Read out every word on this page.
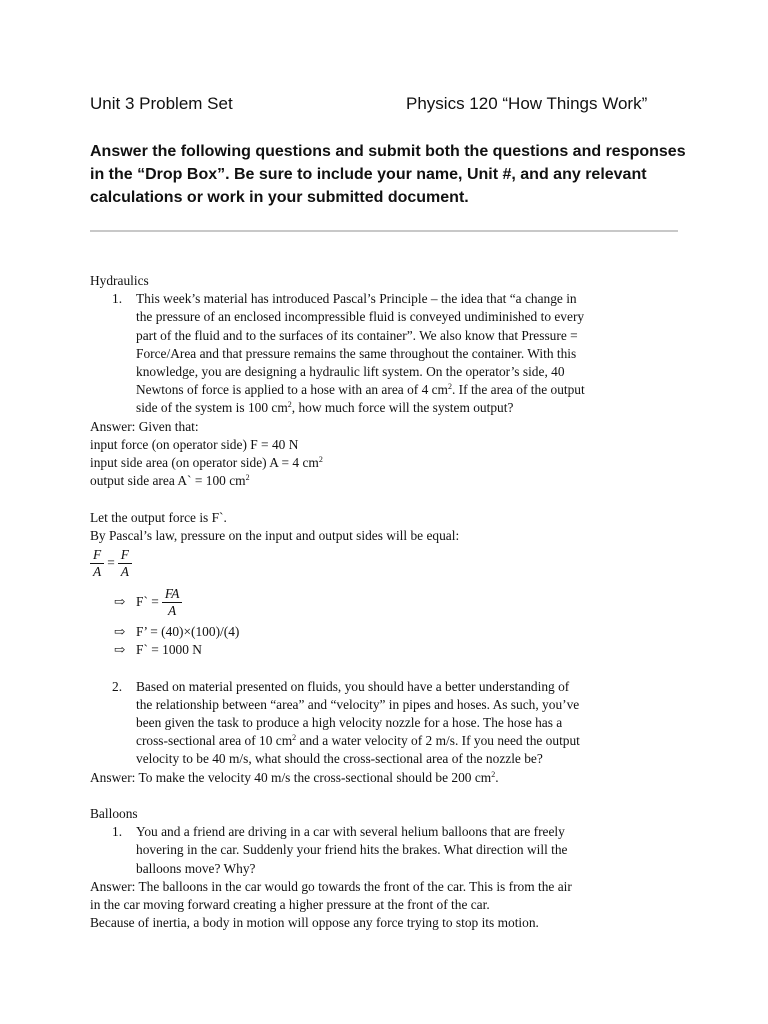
Unit 3 Problem Set	Physics 120 “How Things Work”
Answer the following questions and submit both the questions and responses
in the “Drop Box”. Be sure to include your name, Unit #, and any relevant
calculations or work in your submitted document.
Hydraulics
1. This week’s material has introduced Pascal’s Principle – the idea that “a change in
the pressure of an enclosed incompressible fluid is conveyed undiminished to every
part of the fluid and to the surfaces of its container”. We also know that Pressure =
Force/Area and that pressure remains the same throughout the container. With this
knowledge, you are designing a hydraulic lift system. On the operator’s side, 40
Newtons of force is applied to a hose with an area of 4 $cm^2$. If the area of the output
side of the system is 100 $cm^2$, how much force will the system output?
Answer: Given that:
input force (on operator side) F = 40 N
input side area (on operator side) A = 4 $cm^2$
output side area A` = 100 $cm^2$
Let the output force is F`.
By Pascal’s law, pressure on the input and output sides will be equal:
$\frac{F}{A} = \frac{F}{A}$
⇨ F` = $\frac{FA}{A}$
⇨ F’ = (40)×(100)/(4)
⇨ F` = 1000 N
2. Based on material presented on fluids, you should have a better understanding of
the relationship between “area” and “velocity” in pipes and hoses. As such, you’ve
been given the task to produce a high velocity nozzle for a hose. The hose has a
cross-sectional area of 10 $cm^2$ and a water velocity of 2 m/s. If you need the output
velocity to be 40 m/s, what should the cross-sectional area of the nozzle be?
Answer: To make the velocity 40 m/s the cross-sectional should be 200 $cm^2$.
Balloons
1. You and a friend are driving in a car with several helium balloons that are freely
hovering in the car. Suddenly your friend hits the brakes. What direction will the
balloons move? Why?
Answer: The balloons in the car would go towards the front of the car. This is from the air
in the car moving forward creating a higher pressure at the front of the car.
Because of inertia, a body in motion will oppose any force trying to stop its motion.
